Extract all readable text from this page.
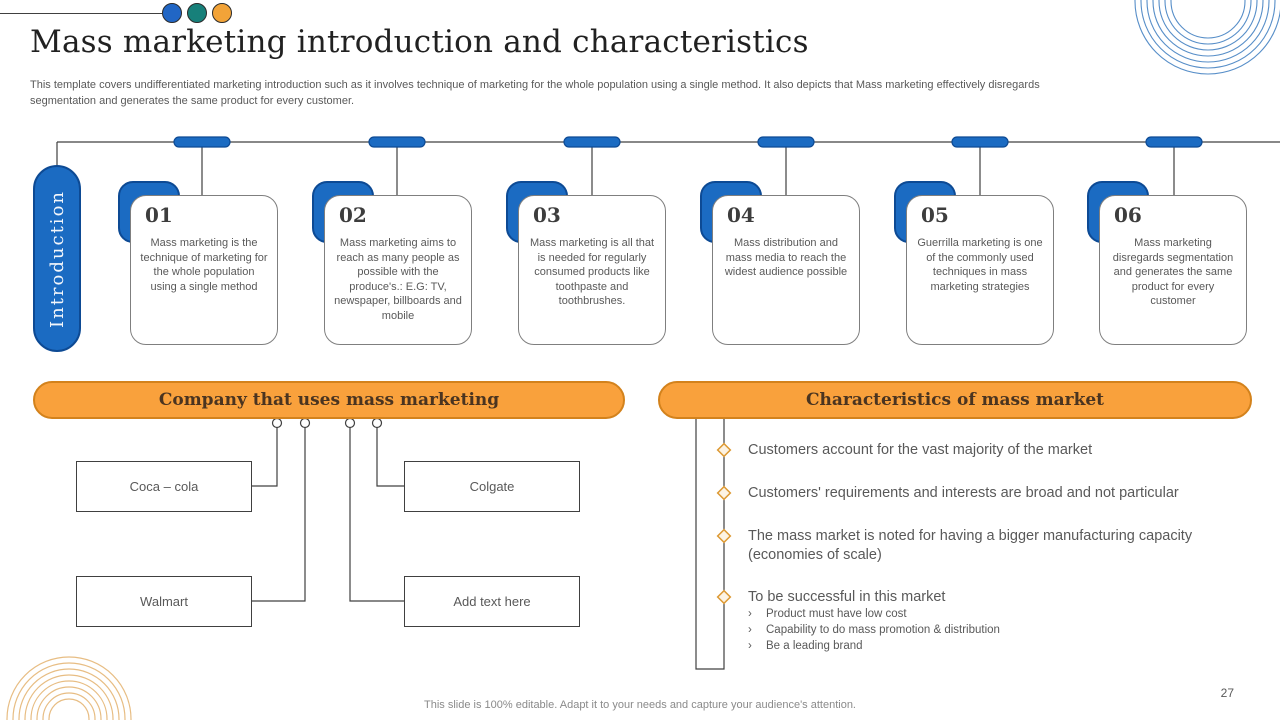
Mass marketing introduction and characteristics
This template covers undifferentiated marketing introduction such as it involves technique of marketing for the whole population using a single method. It also depicts that Mass marketing effectively disregards segmentation and generates the same product for every customer.
Introduction	01
Mass marketing is the technique of marketing for the whole population using a single method
02
Mass marketing aims to reach as many people as possible with the produce's.: E.G: TV, newspaper, billboards and mobile
03
Mass marketing is all that is needed for regularly consumed products like toothpaste and toothbrushes.
04
Mass distribution and mass media to reach the widest audience possible
05
Guerrilla marketing is one of the commonly used techniques in mass marketing strategies
06
Mass marketing disregards segmentation and generates the same product for every customer
Company that uses mass marketing	Characteristics of mass market
Coca – cola	Colgate
Walmart	Add text here
Customers account for the vast majority of the market
Customers' requirements and interests are broad and not particular
The mass market is noted for having a bigger manufacturing capacity (economies of scale)
To be successful in this market
›	Product must have low cost
›	Capability to do mass promotion & distribution
›	Be a leading brand
This slide is 100% editable. Adapt it to your needs and capture your audience's attention.
27
